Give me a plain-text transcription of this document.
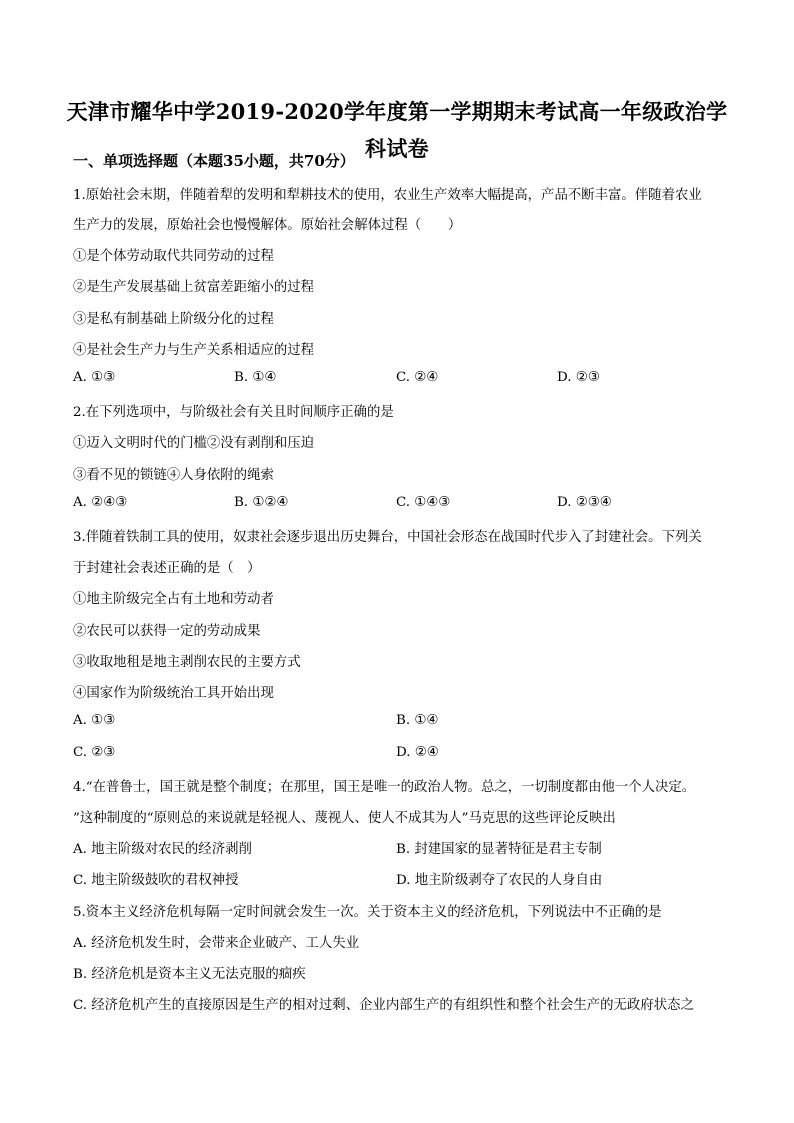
天津市耀华中学2019-2020学年度第一学期期末考试高一年级政治学
科试卷
一、单项选择题（本题35小题，共70分）
1.原始社会末期，伴随着犁的发明和犁耕技术的使用，农业生产效率大幅提高，产品不断丰富。伴随着农业
生产力的发展，原始社会也慢慢解体。原始社会解体过程（　　）
①是个体劳动取代共同劳动的过程
②是生产发展基础上贫富差距缩小的过程
③是私有制基础上阶级分化的过程
④是社会生产力与生产关系相适应的过程
A. ①③	B. ①④	C. ②④	D. ②③
2.在下列选项中，与阶级社会有关且时间顺序正确的是
①迈入文明时代的门槛②没有剥削和压迫
③看不见的锁链④人身依附的绳索
A. ②④③	B. ①②④	C. ①④③	D. ②③④
3.伴随着铁制工具的使用，奴隶社会逐步退出历史舞台，中国社会形态在战国时代步入了封建社会。下列关
于封建社会表述正确的是（　）
①地主阶级完全占有土地和劳动者
②农民可以获得一定的劳动成果
③收取地租是地主剥削农民的主要方式
④国家作为阶级统治工具开始出现
A. ①③	B. ①④
C. ②③	D. ②④
4.“在普鲁士，国王就是整个制度；在那里，国王是唯一的政治人物。总之，一切制度都由他一个人决定。
”这种制度的“原则总的来说就是轻视人、蔑视人、使人不成其为人”马克思的这些评论反映出
A. 地主阶级对农民的经济剥削	B. 封建国家的显著特征是君主专制
C. 地主阶级鼓吹的君权神授	D. 地主阶级剥夺了农民的人身自由
5.资本主义经济危机每隔一定时间就会发生一次。关于资本主义的经济危机，下列说法中不正确的是
A. 经济危机发生时，会带来企业破产、工人失业
B. 经济危机是资本主义无法克服的痼疾
C. 经济危机产生的直接原因是生产的相对过剩、企业内部生产的有组织性和整个社会生产的无政府状态之
